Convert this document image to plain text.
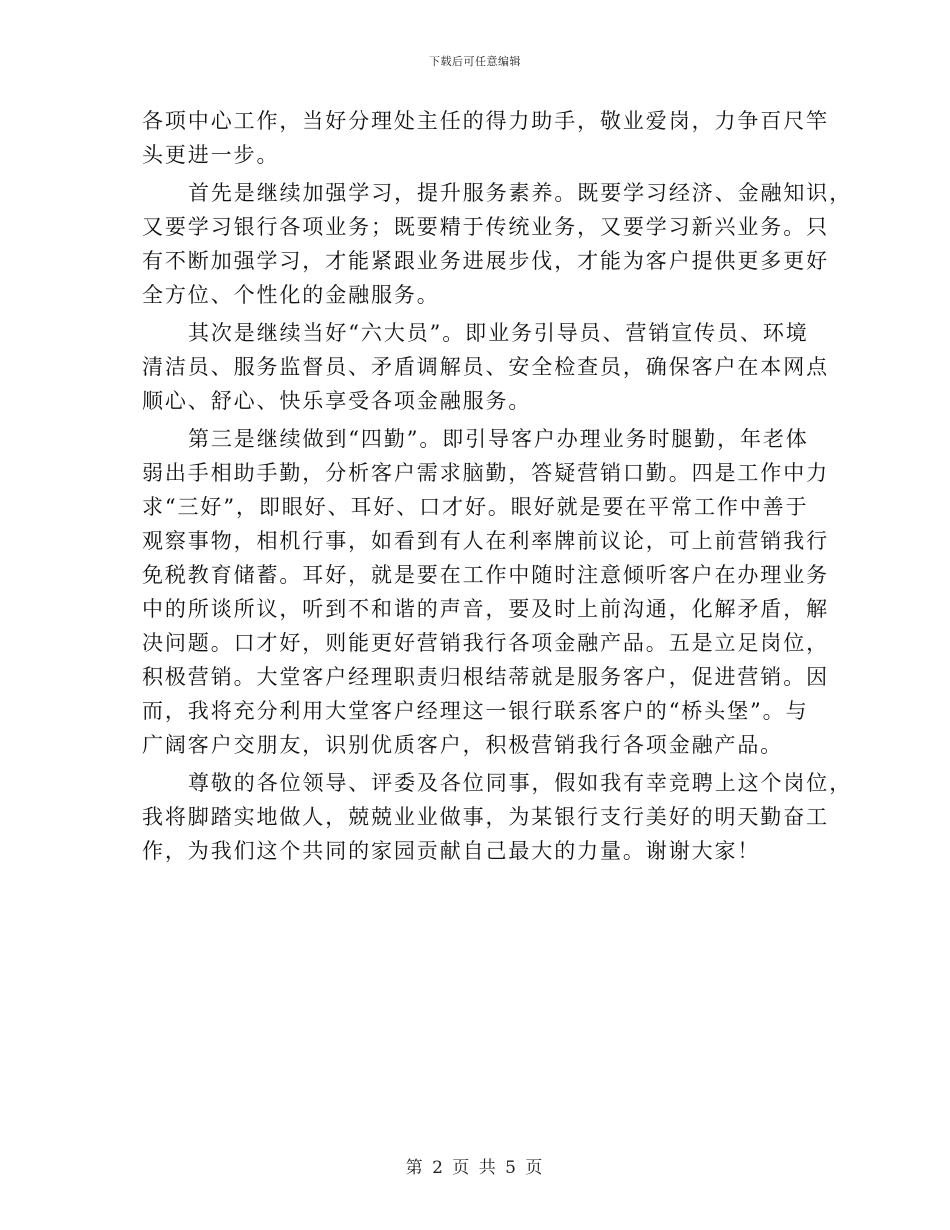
下载后可任意编辑
各项中心工作，当好分理处主任的得力助手，敬业爱岗，力争百尺竿
头更进一步。
首先是继续加强学习，提升服务素养。既要学习经济、金融知识，
又要学习银行各项业务；既要精于传统业务，又要学习新兴业务。只
有不断加强学习，才能紧跟业务进展步伐，才能为客户提供更多更好
全方位、个性化的金融服务。
其次是继续当好“六大员”。即业务引导员、营销宣传员、环境
清洁员、服务监督员、矛盾调解员、安全检查员，确保客户在本网点
顺心、舒心、快乐享受各项金融服务。
第三是继续做到“四勤”。即引导客户办理业务时腿勤，年老体
弱出手相助手勤，分析客户需求脑勤，答疑营销口勤。四是工作中力
求“三好”，即眼好、耳好、口才好。眼好就是要在平常工作中善于
观察事物，相机行事，如看到有人在利率牌前议论，可上前营销我行
免税教育储蓄。耳好，就是要在工作中随时注意倾听客户在办理业务
中的所谈所议，听到不和谐的声音，要及时上前沟通，化解矛盾，解
决问题。口才好，则能更好营销我行各项金融产品。五是立足岗位，
积极营销。大堂客户经理职责归根结蒂就是服务客户，促进营销。因
而，我将充分利用大堂客户经理这一银行联系客户的“桥头堡”。与
广阔客户交朋友，识别优质客户，积极营销我行各项金融产品。
尊敬的各位领导、评委及各位同事，假如我有幸竞聘上这个岗位，
我将脚踏实地做人，兢兢业业做事，为某银行支行美好的明天勤奋工
作，为我们这个共同的家园贡献自己最大的力量。谢谢大家！
第 2 页 共 5 页
